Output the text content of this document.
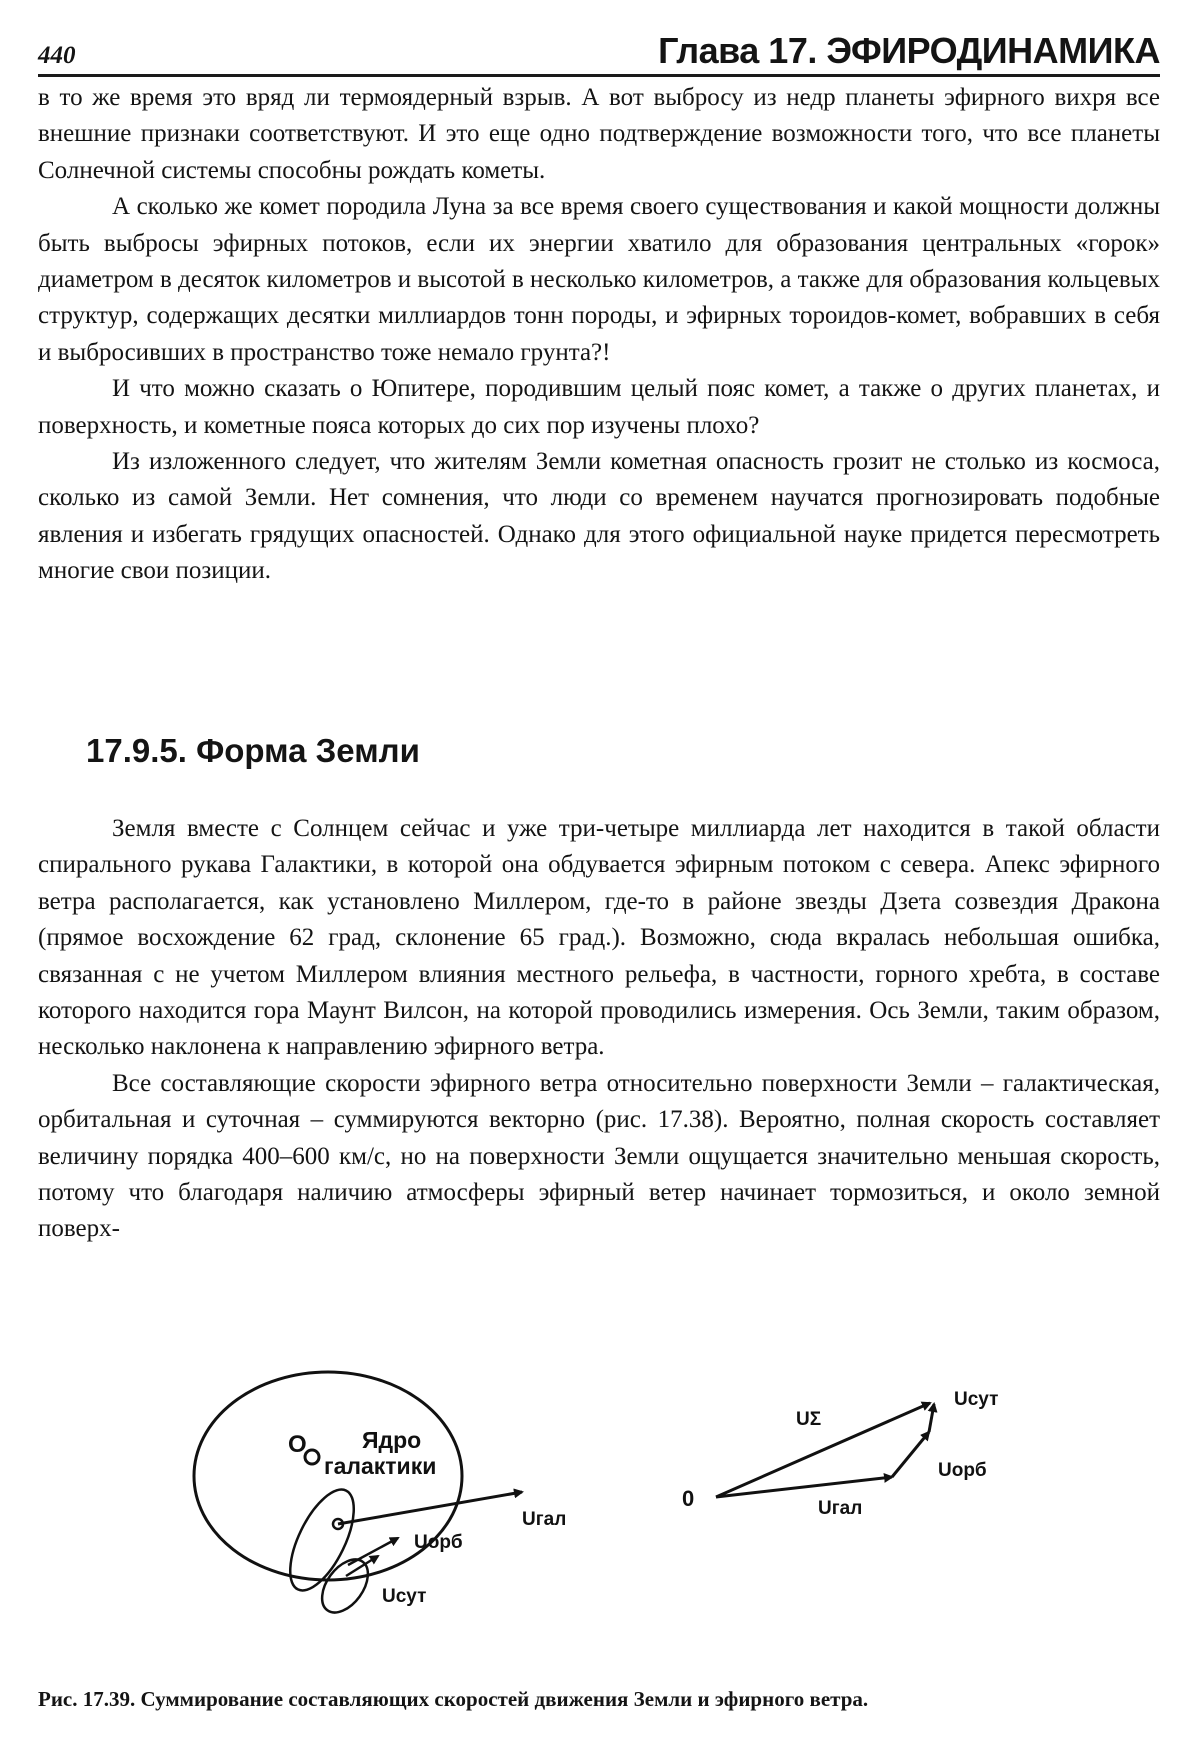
440	Глава 17. ЭФИРОДИНАМИКА

в то же время это вряд ли термоядерный взрыв. А вот выбросу из недр планеты эфирного вихря все внешние признаки соответствуют. И это еще одно подтверждение возможности того, что все планеты Солнечной системы способны рождать кометы.

А сколько же комет породила Луна за все время своего существования и какой мощности должны быть выбросы эфирных потоков, если их энергии хватило для образования центральных «горок» диаметром в десяток километров и высотой в несколько километров, а также для образования кольцевых структур, содержащих десятки миллиардов тонн породы, и эфирных тороидов-комет, вобравших в себя и выбросивших в пространство тоже немало грунта?!

И что можно сказать о Юпитере, породившим целый пояс комет, а также о других планетах, и поверхность, и кометные пояса которых до сих пор изучены плохо?

Из изложенного следует, что жителям Земли кометная опасность грозит не столько из космоса, сколько из самой Земли. Нет сомнения, что люди со временем научатся прогнозировать подобные явления и избегать грядущих опасностей. Однако для этого официальной науке придется пересмотреть многие свои позиции.

17.9.5. Форма Земли

Земля вместе с Солнцем сейчас и уже три-четыре миллиарда лет находится в такой области спирального рукава Галактики, в которой она обдувается эфирным потоком с севера. Апекс эфирного ветра располагается, как установлено Миллером, где-то в районе звезды Дзета созвездия Дракона (прямое восхождение 62 град, склонение 65 град.). Возможно, сюда вкралась небольшая ошибка, связанная с не учетом Миллером влияния местного рельефа, в частности, горного хребта, в составе которого находится гора Маунт Вилсон, на которой проводились измерения. Ось Земли, таким образом, несколько наклонена к направлению эфирного ветра.

Все составляющие скорости эфирного ветра относительно поверхности Земли – галактическая, орбитальная и суточная – суммируются векторно (рис. 17.38). Вероятно, полная скорость составляет величину порядка 400–600 км/с, но на поверхности Земли ощущается значительно меньшая скорость, потому что благодаря наличию атмосферы эфирный ветер начинает тормозиться, и около земной поверх-

O Ядро
галактики
Uгал
Uорб
Uсут
0	Uгал
Uорб
Uсут
UΣ
Рис. 17.39. Суммирование составляющих скоростей движения Земли и эфирного ветра.
